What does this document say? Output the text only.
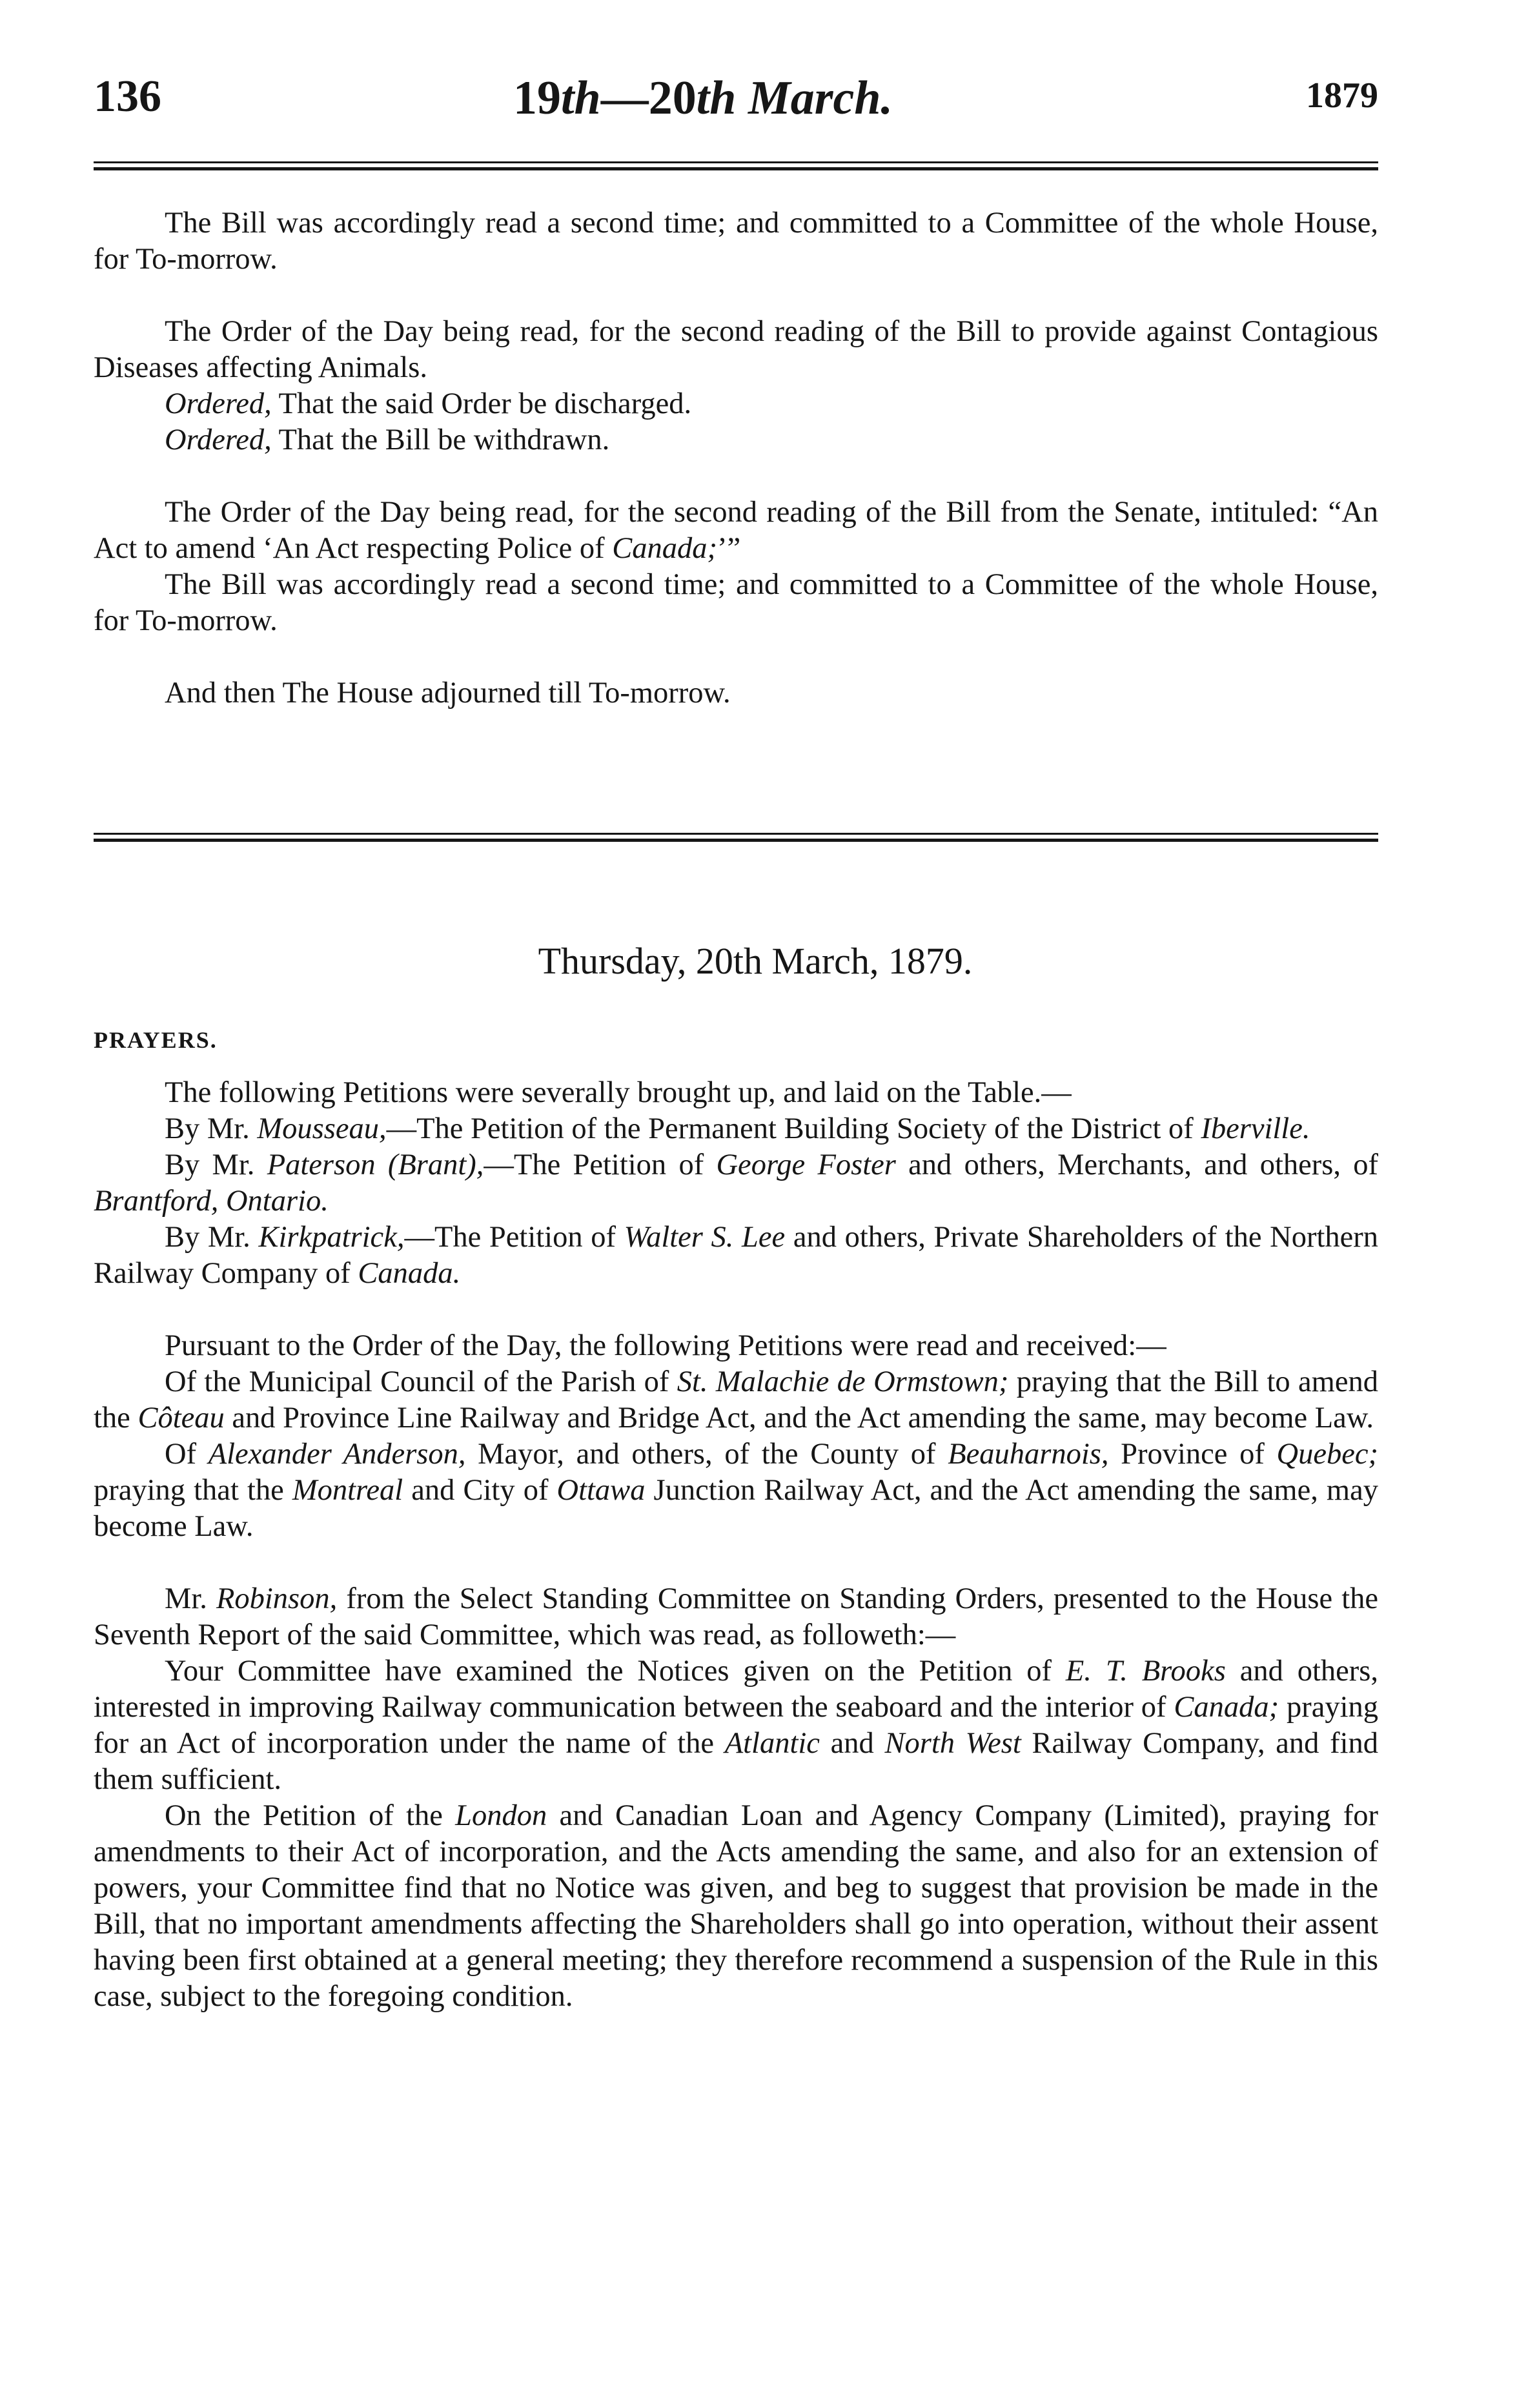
136	19th—20th March.	1879

The Bill was accordingly read a second time; and committed to a Committee of the whole House, for To-morrow.

The Order of the Day being read, for the second reading of the Bill to provide against Contagious Diseases affecting Animals.

Ordered, That the said Order be discharged.

Ordered, That the Bill be withdrawn.

The Order of the Day being read, for the second reading of the Bill from the Senate, intituled: “An Act to amend ‘An Act respecting Police of Canada;’”

The Bill was accordingly read a second time; and committed to a Committee of the whole House, for To-morrow.

And then The House adjourned till To-morrow.

Thursday, 20th March, 1879.
PRAYERS.

The following Petitions were severally brought up, and laid on the Table.—

By Mr. Mousseau,—The Petition of the Permanent Building Society of the District of Iberville.

By Mr. Paterson (Brant),—The Petition of George Foster and others, Merchants, and others, of Brantford, Ontario.

By Mr. Kirkpatrick,—The Petition of Walter S. Lee and others, Private Shareholders of the Northern Railway Company of Canada.

Pursuant to the Order of the Day, the following Petitions were read and received:—

Of the Municipal Council of the Parish of St. Malachie de Ormstown; praying that the Bill to amend the Côteau and Province Line Railway and Bridge Act, and the Act amending the same, may become Law.

Of Alexander Anderson, Mayor, and others, of the County of Beauharnois, Province of Quebec; praying that the Montreal and City of Ottawa Junction Railway Act, and the Act amending the same, may become Law.

Mr. Robinson, from the Select Standing Committee on Standing Orders, presented to the House the Seventh Report of the said Committee, which was read, as followeth:—

Your Committee have examined the Notices given on the Petition of E. T. Brooks and others, interested in improving Railway communication between the seaboard and the interior of Canada; praying for an Act of incorporation under the name of the Atlantic and North West Railway Company, and find them sufficient.

On the Petition of the London and Canadian Loan and Agency Company (Limited), praying for amendments to their Act of incorporation, and the Acts amending the same, and also for an extension of powers, your Committee find that no Notice was given, and beg to suggest that provision be made in the Bill, that no important amendments affecting the Shareholders shall go into operation, without their assent having been first obtained at a general meeting; they therefore recommend a suspension of the Rule in this case, subject to the foregoing condition.
